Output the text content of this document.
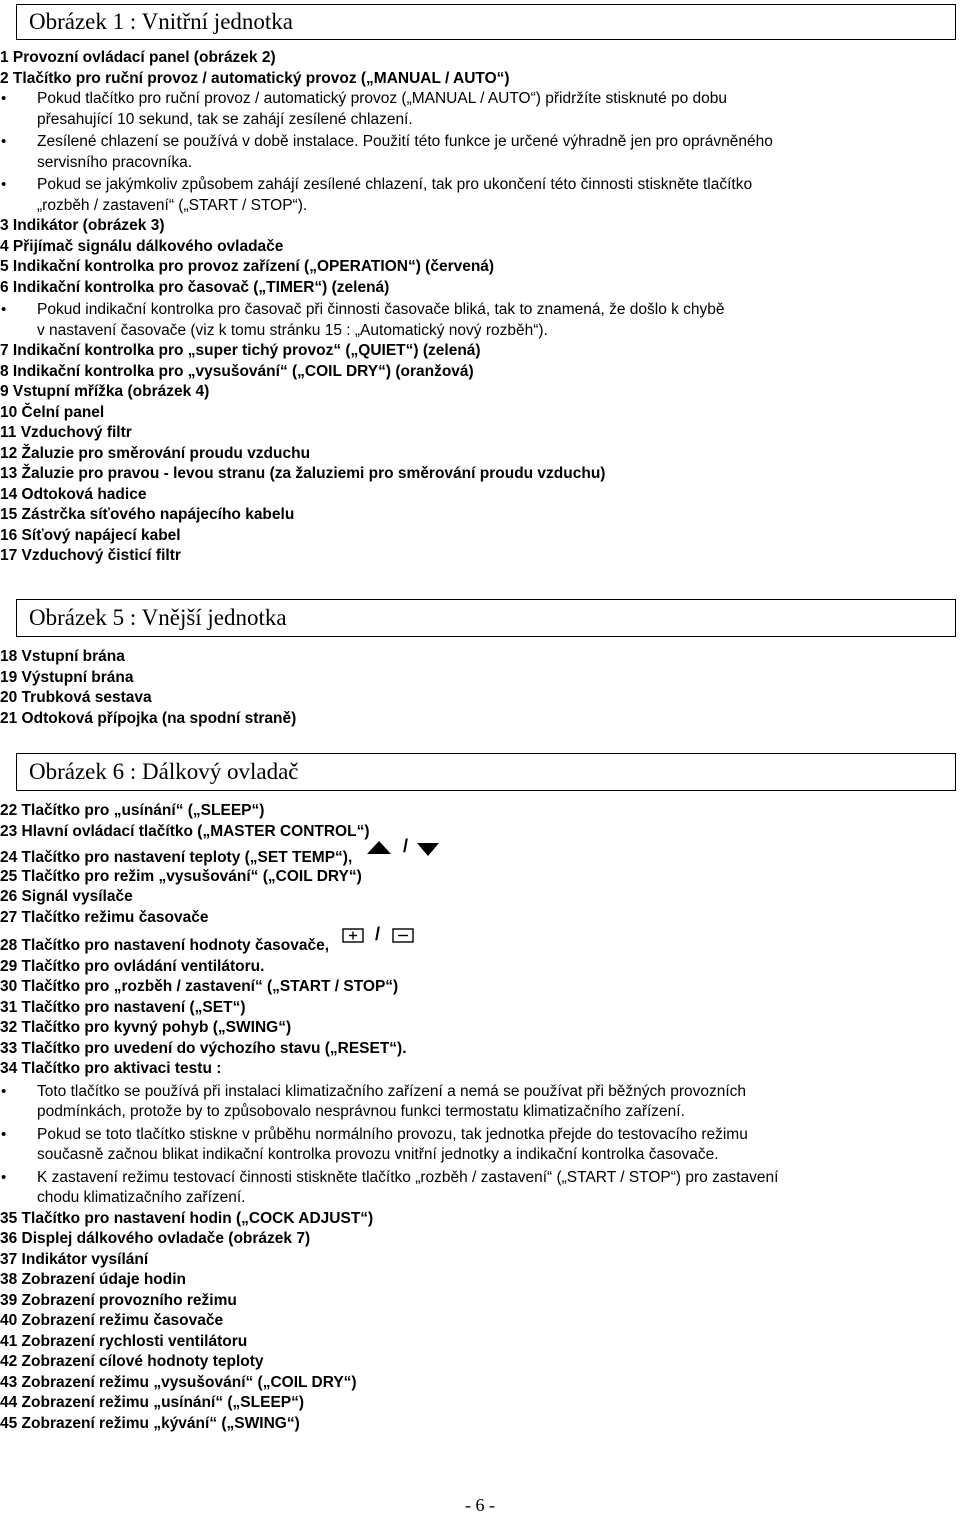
Obrázek 1 : Vnitřní jednotka
1 Provozní ovládací panel (obrázek 2)
2 Tlačítko pro ruční provoz / automatický provoz („MANUAL / AUTO“)
• Pokud tlačítko pro ruční provoz / automatický provoz („MANUAL / AUTO“) přidržíte stisknuté po dobu
přesahující 10 sekund, tak se zahájí zesílené chlazení.
• Zesílené chlazení se používá v době instalace. Použití této funkce je určené výhradně jen pro oprávněného
servisního pracovníka.
• Pokud se jakýmkoliv způsobem zahájí zesílené chlazení, tak pro ukončení této činnosti stiskněte tlačítko
„rozběh / zastavení“ („START / STOP“).
3 Indikátor (obrázek 3)
4 Přijímač signálu dálkového ovladače
5 Indikační kontrolka pro provoz zařízení („OPERATION“) (červená)
6 Indikační kontrolka pro časovač („TIMER“) (zelená)
• Pokud indikační kontrolka pro časovač při činnosti časovače bliká, tak to znamená, že došlo k chybě
v nastavení časovače (viz k tomu stránku 15 : „Automatický nový rozběh“).
7 Indikační kontrolka pro „super tichý provoz“ („QUIET“) (zelená)
8 Indikační kontrolka pro „vysušování“ („COIL DRY“) (oranžová)
9 Vstupní mřížka (obrázek 4)
10 Čelní panel
11 Vzduchový filtr
12 Žaluzie pro směrování proudu vzduchu
13 Žaluzie pro pravou - levou stranu (za žaluziemi pro směrování proudu vzduchu)
14 Odtoková hadice
15 Zástrčka síťového napájecího kabelu
16 Síťový napájecí kabel
17 Vzduchový čisticí filtr
Obrázek 5 : Vnější jednotka
18 Vstupní brána
19 Výstupní brána
20 Trubková sestava
21 Odtoková přípojka (na spodní straně)
Obrázek 6 : Dálkový ovladač
22 Tlačítko pro „usínání“ („SLEEP“)
23 Hlavní ovládací tlačítko („MASTER CONTROL“)
24 Tlačítko pro nastavení teploty („SET TEMP“),
/
25 Tlačítko pro režim „vysušování“ („COIL DRY“)
26 Signál vysílače
27 Tlačítko režimu časovače
28 Tlačítko pro nastavení hodnoty časovače,
/
29 Tlačítko pro ovládání ventilátoru.
30 Tlačítko pro „rozběh / zastavení“ („START / STOP“)
31 Tlačítko pro nastavení („SET“)
32 Tlačítko pro kyvný pohyb („SWING“)
33 Tlačítko pro uvedení do výchozího stavu („RESET“).
34 Tlačítko pro aktivaci testu :
• Toto tlačítko se používá při instalaci klimatizačního zařízení a nemá se používat při běžných provozních
podmínkách, protože by to způsobovalo nesprávnou funkci termostatu klimatizačního zařízení.
• Pokud se toto tlačítko stiskne v průběhu normálního provozu, tak jednotka přejde do testovacího režimu
současně začnou blikat indikační kontrolka provozu vnitřní jednotky a indikační kontrolka časovače.
• K zastavení režimu testovací činnosti stiskněte tlačítko „rozběh / zastavení“ („START / STOP“) pro zastavení
chodu klimatizačního zařízení.
35 Tlačítko pro nastavení hodin („COCK ADJUST“)
36 Displej dálkového ovladače (obrázek 7)
37 Indikátor vysílání
38 Zobrazení údaje hodin
39 Zobrazení provozního režimu
40 Zobrazení režimu časovače
41 Zobrazení rychlosti ventilátoru
42 Zobrazení cílové hodnoty teploty
43 Zobrazení režimu „vysušování“ („COIL DRY“)
44 Zobrazení režimu „usínání“ („SLEEP“)
45 Zobrazení režimu „kývání“ („SWING“)
- 6 -
